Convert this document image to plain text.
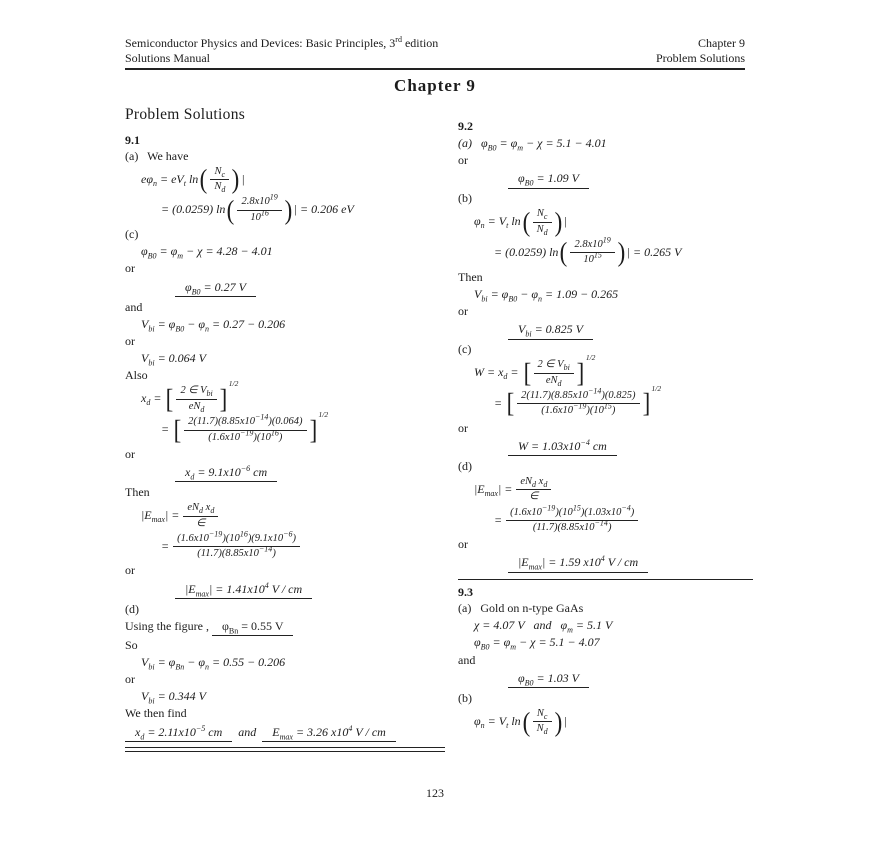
Semiconductor Physics and Devices: Basic Principles, 3rd edition
Solutions Manual
Chapter 9
Problem Solutions
Chapter 9
Problem Solutions
9.1
(a)   We have
$e\varphi_n = eV_t$ $\ln( \frac{N_c}{N_d}$ ) |
= (0.0259) $\ln( \frac{2.8x10^{19}}{10^{16}}$ ) | = 0.206 eV
(c)
$\varphi_{B0} = \varphi_m - \chi = 4.28 - 4.01$
or
$\varphi_{B0} = 0.27$ V
and
$V_{bi} = \varphi_{B0} - \varphi_n = 0.27 - 0.206$
or
$V_{bi} = 0.064$ V
Also
$x_d$ = [ $\frac{2 \in V_{bi}}{eN_d} ]^{1/2}$
= [ $\frac{2(11.7)(8.85x10^{-14})(0.064)}{(1.6x10^{-19})(10^{16})} ]^{1/2}$
or
$x_d = 9.1x10^{-6}$ cm
Then
$|E_{max}| = \frac{eN_d x_d}{\in}$
= $\frac{(1.6x10^{-19})(10^{16})(9.1x10^{-6})}{(11.7)(8.85x10^{-14})}$
or
$|E_{max}| = 1.41x10^4$ V / cm
(d)
Using the figure , $\varphi_{Bn} = 0.55$ V
So
$V_{bi} = \varphi_{Bn} - \varphi_n = 0.55 - 0.206$
or
$V_{bi} = 0.344$ V
We then find
$x_d = 2.11x10^{-5}$ cm  and  $E_{max} = 3.26$ $x10^4$ V / cm
9.2
(a)   $\varphi_{B0} = \varphi_m - \chi = 5.1 - 4.01$
or
$\varphi_{B0} = 1.09$ V
(b)
$\varphi_n = V_t$ $\ln( \frac{N_c}{N_d}$ ) |
= (0.0259) $\ln( \frac{2.8x10^{19}}{10^{15}}$ ) | = 0.265 V
Then
$V_{bi} = \varphi_{B0} - \varphi_n = 1.09 - 0.265$
or
$V_{bi} = 0.825$ V
(c)
$W = x_d$ = [ $\frac{2 \in V_{bi}}{eN_d} ]^{1/2}$
= [ $\frac{2(11.7)(8.85x10^{-14})(0.825)}{(1.6x10^{-19})(10^{15})} ]^{1/2}$
or
$W = 1.03x10^{-4}$ cm
(d)
$|E_{max}| = \frac{eN_d x_d}{\in}$
= $\frac{(1.6x10^{-19})(10^{15})(1.03x10^{-4})}{(11.7)(8.85x10^{-14})}$
or
$|E_{max}| = 1.59$ $x10^4$ V / cm
9.3
(a)   Gold on n-type GaAs
χ = 4.07 V   and   $\varphi_m = 5.1$ V
$\varphi_{B0} = \varphi_m - \chi = 5.1 - 4.07$
and
$\varphi_{B0} = 1.03$ V
(b)
$\varphi_n = V_t$ $\ln( \frac{N_c}{N_d}$ ) |
123
